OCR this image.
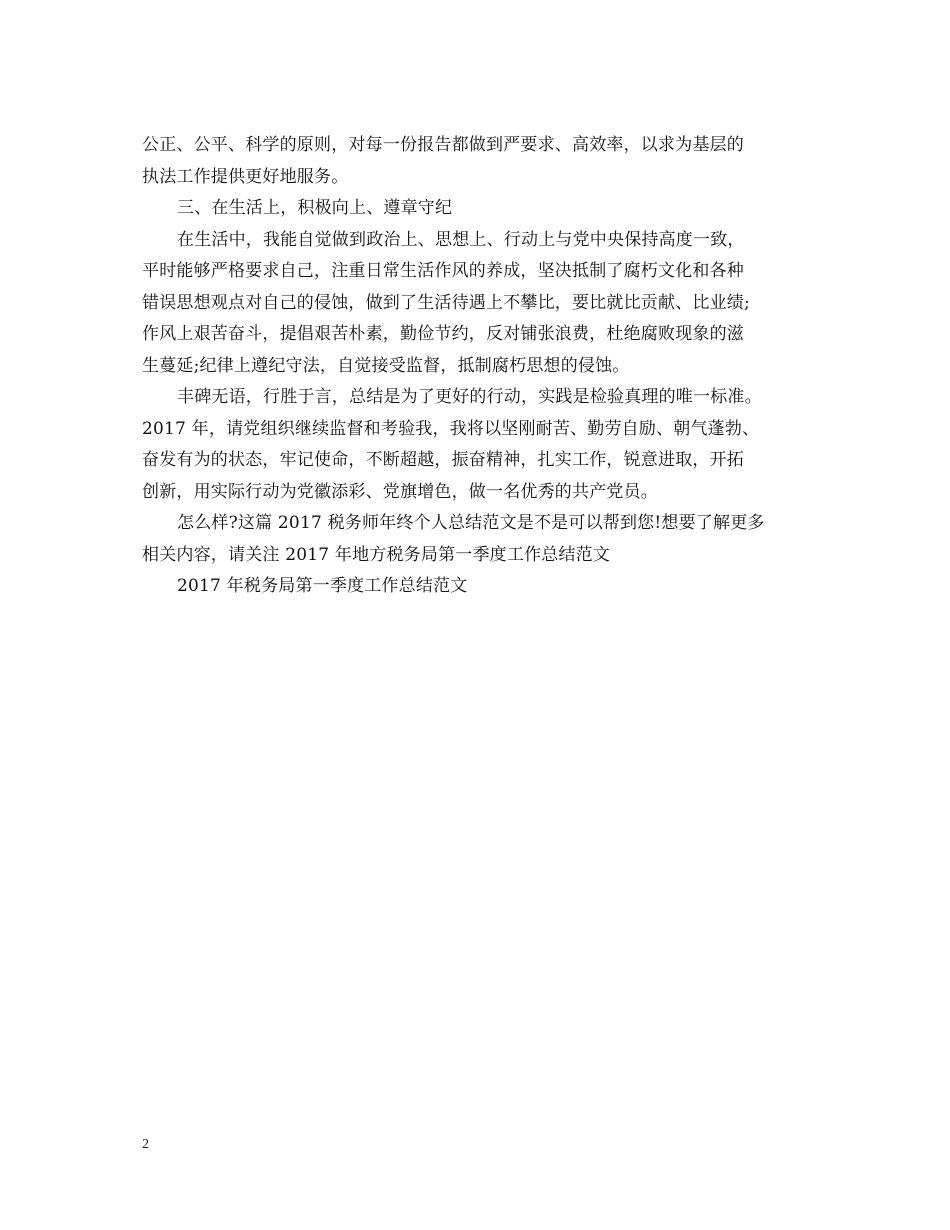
公正、公平、科学的原则，对每一份报告都做到严要求、高效率，以求为基层的
执法工作提供更好地服务。
三、在生活上，积极向上、遵章守纪
在生活中，我能自觉做到政治上、思想上、行动上与党中央保持高度一致，
平时能够严格要求自己，注重日常生活作风的养成，坚决抵制了腐朽文化和各种
错误思想观点对自己的侵蚀，做到了生活待遇上不攀比，要比就比贡献、比业绩;
作风上艰苦奋斗，提倡艰苦朴素，勤俭节约，反对铺张浪费，杜绝腐败现象的滋
生蔓延;纪律上遵纪守法，自觉接受监督，抵制腐朽思想的侵蚀。
丰碑无语，行胜于言，总结是为了更好的行动，实践是检验真理的唯一标准。
2017 年，请党组织继续监督和考验我，我将以坚刚耐苦、勤劳自励、朝气蓬勃、
奋发有为的状态，牢记使命，不断超越，振奋精神，扎实工作，锐意进取，开拓
创新，用实际行动为党徽添彩、党旗增色，做一名优秀的共产党员。
怎么样?这篇 2017 税务师年终个人总结范文是不是可以帮到您!想要了解更多
相关内容，请关注 2017 年地方税务局第一季度工作总结范文
2017 年税务局第一季度工作总结范文
2
